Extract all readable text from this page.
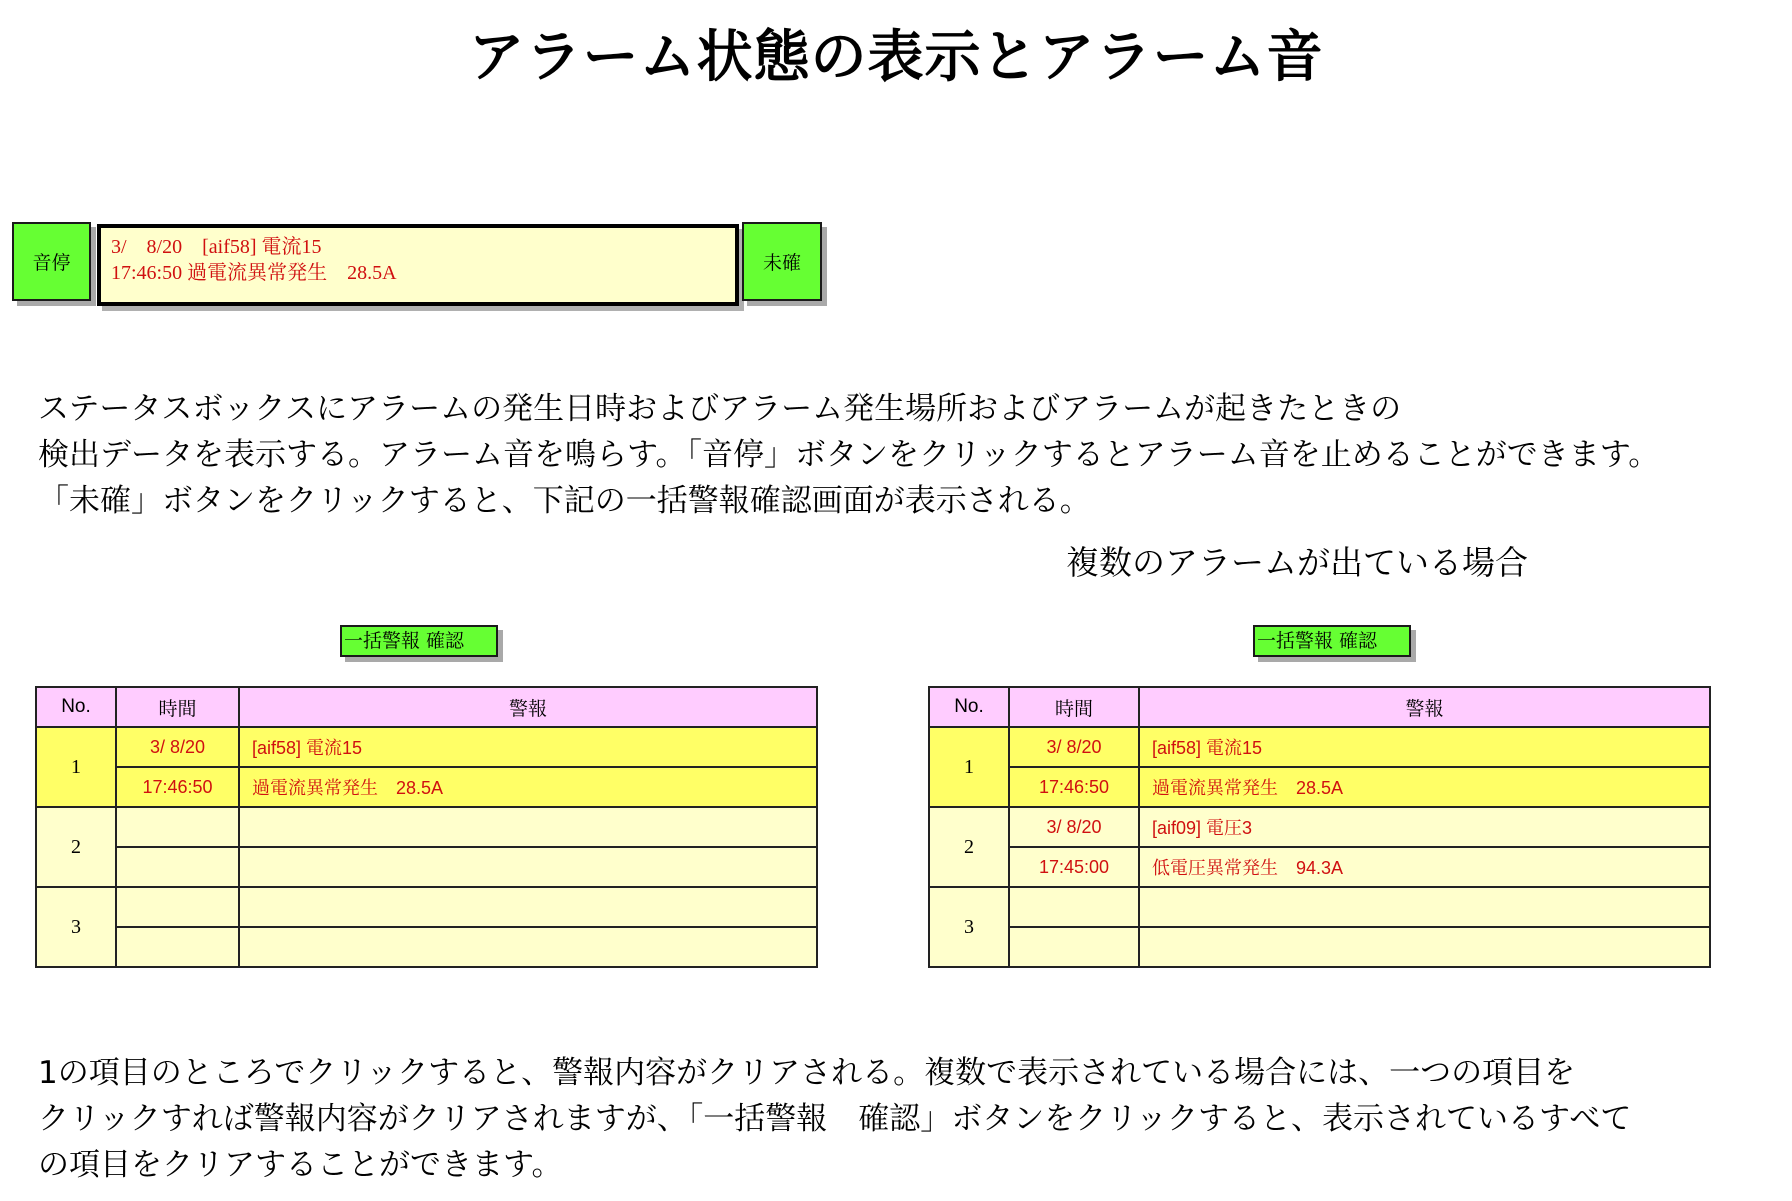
アラーム状態の表示とアラーム音
音停
3/　8/20　[aif58] 電流15
17:46:50 過電流異常発生　28.5A	未確
ステータスボックスにアラームの発生日時およびアラーム発生場所およびアラームが起きたときの
検出データを表示する。アラーム音を鳴らす。「音停」ボタンをクリックするとアラーム音を止めることができます。
「未確」ボタンをクリックすると、下記の一括警報確認画面が表示される。
複数のアラームが出ている場合
一括警報 確認
No.	時間	警報
1	3/ 8/20	[aif58] 電流15
	17:46:50	過電流異常発生　28.5A
2		

3		

一括警報 確認
No.	時間	警報
1	3/ 8/20	[aif58] 電流15
	17:46:50	過電流異常発生　28.5A
2	3/ 8/20	[aif09] 電圧3
	17:45:00	低電圧異常発生　94.3A
3		

1の項目のところでクリックすると、警報内容がクリアされる。複数で表示されている場合には、一つの項目を
クリックすれば警報内容がクリアされますが、「一括警報　確認」ボタンをクリックすると、表示されているすべて
の項目をクリアすることができます。
